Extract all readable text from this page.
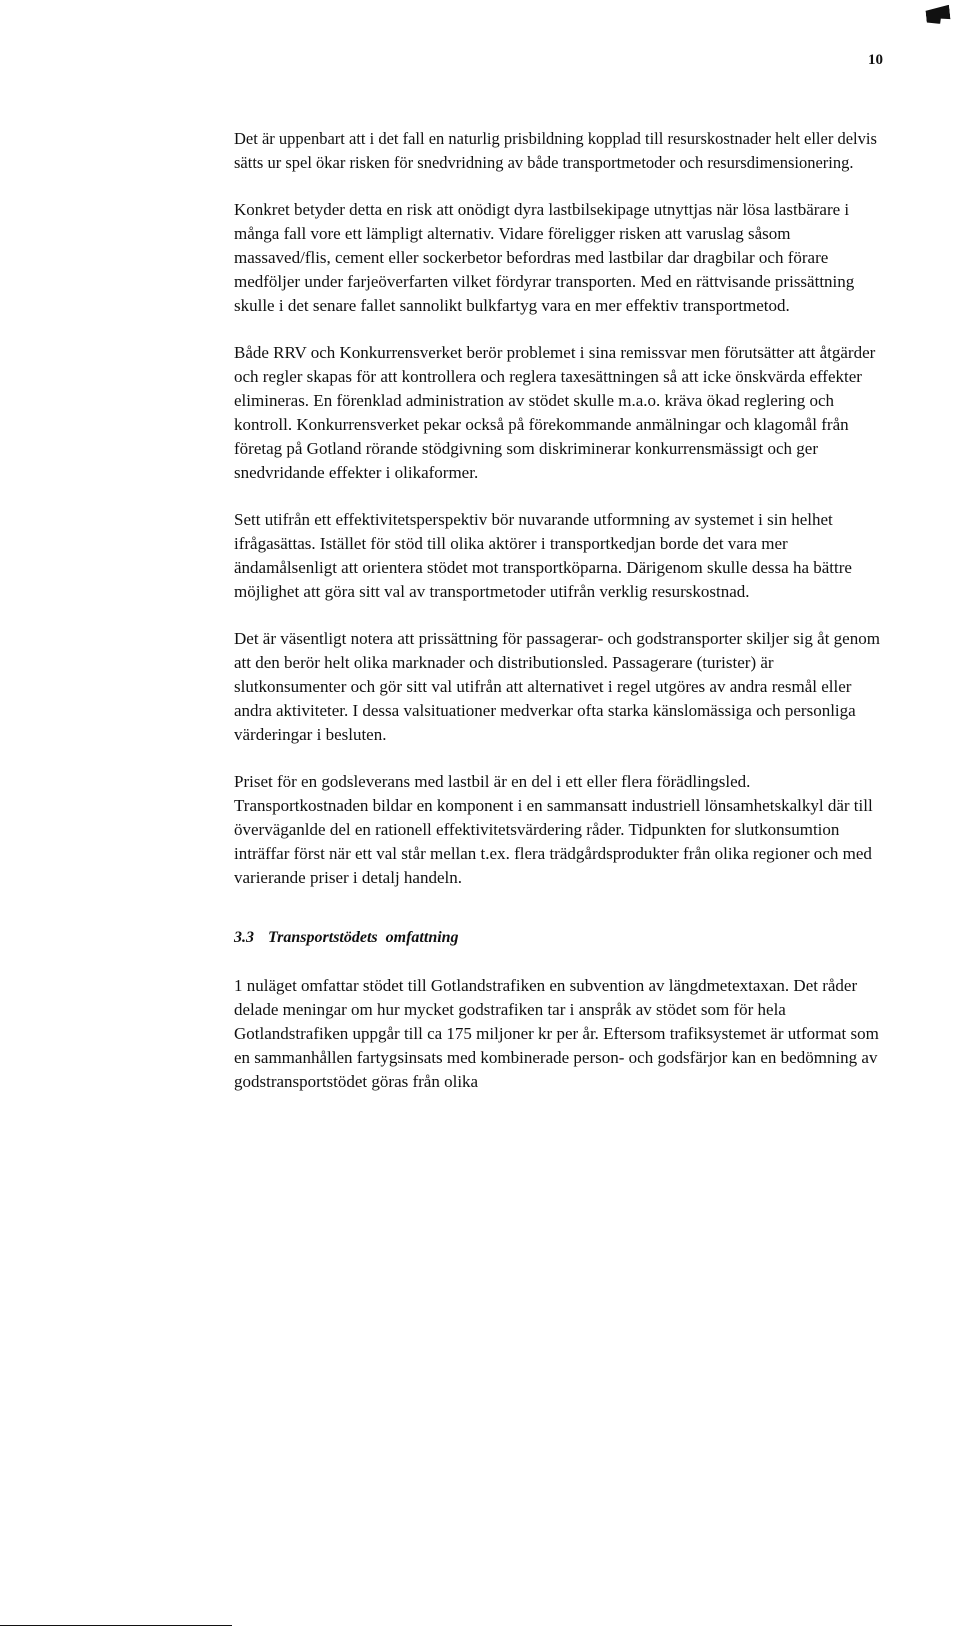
10

Det är uppenbart att i det fall en naturlig prisbildning kopplad till resurskostnader helt eller delvis sätts ur spel ökar risken för snedvridning av både transportmetoder och resursdimensionering.

Konkret betyder detta en risk att onödigt dyra lastbilsekipage utnyttjas när lösa lastbärare i många fall vore ett lämpligt alternativ. Vidare föreligger risken att varuslag såsom massaved/flis, cement eller sockerbetor befordras med lastbilar dar dragbilar och förare medföljer under farjeöverfarten vilket fördyrar transporten. Med en rättvisande prissättning skulle i det senare fallet sannolikt bulkfartyg vara en mer effektiv transportmetod.

Både RRV och Konkurrensverket berör problemet i sina remissvar men förutsätter att åtgärder och regler skapas för att kontrollera och reglera taxesättningen så att icke önskvärda effekter elimineras. En förenklad administration av stödet skulle m.a.o. kräva ökad reglering och kontroll. Konkurrensverket pekar också på förekommande anmälningar och klagomål från företag på Gotland rörande stödgivning som diskriminerar konkurrensmässigt och ger snedvridande effekter i olikaformer.

Sett utifrån ett effektivitetsperspektiv bör nuvarande utformning av systemet i sin helhet ifrågasättas. Istället för stöd till olika aktörer i transportkedjan borde det vara mer ändamålsenligt att orientera stödet mot transportköparna. Därigenom skulle dessa ha bättre möjlighet att göra sitt val av transportmetoder utifrån verklig resurskostnad.

Det är väsentligt notera att prissättning för passagerar- och godstransporter skiljer sig åt genom att den berör helt olika marknader och distributionsled. Passagerare (turister) är slutkonsumenter och gör sitt val utifrån att alternativet i regel utgöres av andra resmål eller andra aktiviteter. I dessa valsituationer medverkar ofta starka känslomässiga och personliga värderingar i besluten.

Priset för en godsleverans med lastbil är en del i ett eller flera förädlingsled. Transportkostnaden bildar en komponent i en sammansatt industriell lönsamhetskalkyl där till överväganlde del en rationell effektivitetsvärdering råder. Tidpunkten for slutkonsumtion inträffar först när ett val står mellan t.ex. flera trädgårdsprodukter från olika regioner och med varierande priser i detalj handeln.

3.3 Transportstödets omfattning

1 nuläget omfattar stödet till Gotlandstrafiken en subvention av längdmetextaxan. Det råder delade meningar om hur mycket godstrafiken tar i anspråk av stödet som för hela Gotlandstrafiken uppgår till ca 175 miljoner kr per år. Eftersom trafiksystemet är utformat som en sammanhållen fartygsinsats med kombinerade person- och godsfärjor kan en bedömning av godstransportstödet göras från olika
